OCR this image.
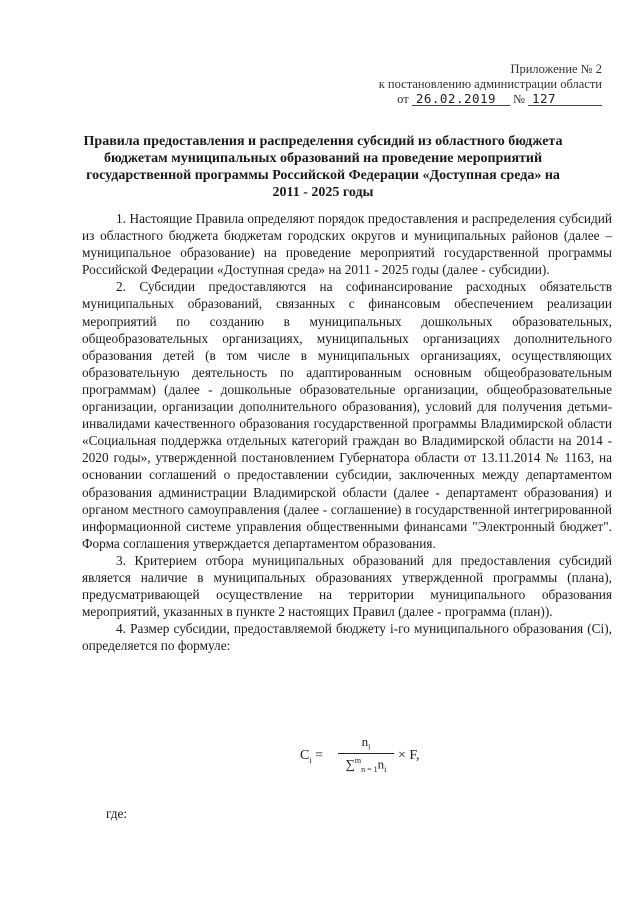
Приложение № 2
к постановлению администрации области
от 26.02.2019 № 127
Правила предоставления и распределения субсидий из областного бюджета бюджетам муниципальных образований на проведение мероприятий государственной программы Российской Федерации «Доступная среда» на 2011 - 2025 годы

1. Настоящие Правила определяют порядок предоставления и распределения субсидий из областного бюджета бюджетам городских округов и муниципальных районов (далее – муниципальное образование) на проведение мероприятий государственной программы Российской Федерации «Доступная среда» на 2011 - 2025 годы (далее - субсидии).

2. Субсидии предоставляются на софинансирование расходных обязательств муниципальных образований, связанных с финансовым обеспечением реализации мероприятий по созданию в муниципальных дошкольных образовательных, общеобразовательных организациях, муниципальных организациях дополнительного образования детей (в том числе в муниципальных организациях, осуществляющих образовательную деятельность по адаптированным основным общеобразовательным программам) (далее - дошкольные образовательные организации, общеобразовательные организации, организации дополнительного образования), условий для получения детьми-инвалидами качественного образования государственной программы Владимирской области «Социальная поддержка отдельных категорий граждан во Владимирской области на 2014 - 2020 годы», утвержденной постановлением Губернатора области от 13.11.2014 № 1163, на основании соглашений о предоставлении субсидии, заключенных между департаментом образования администрации Владимирской области (далее - департамент образования) и органом местного самоуправления (далее - соглашение) в государственной интегрированной информационной системе управления общественными финансами "Электронный бюджет". Форма соглашения утверждается департаментом образования.

3. Критерием отбора муниципальных образований для предоставления субсидий является наличие в муниципальных образованиях утвержденной программы (плана), предусматривающей осуществление на территории муниципального образования мероприятий, указанных в пункте 2 настоящих Правил (далее - программа (план)).

4. Размер субсидии, предоставляемой бюджету i-го муниципального образования (Ci), определяется по формуле:

$C_i$ =
$n_i$
$\sum^m_{n = 1}n_i$
× F,
где:
